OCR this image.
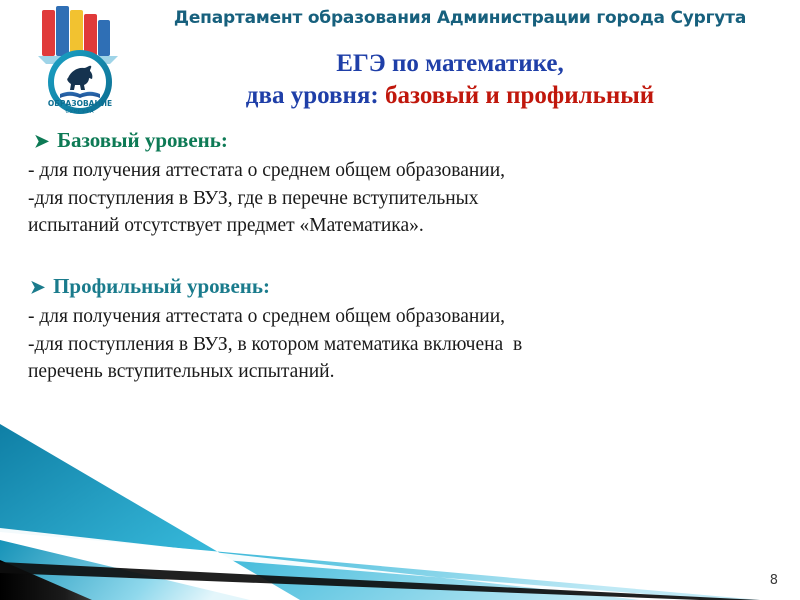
ОБРАЗОВАНИЕ
СУРГУТА
Департамент образования Администрации города Сургута
ЕГЭ по математике,
два уровня: базовый и профильный
➤ Базовый уровень:

- для получения аттестата о среднем общем образовании,

-для поступления в ВУЗ, где в перечне вступительных

испытаний отсутствует предмет «Математика».

➤ Профильный уровень:

- для получения аттестата о среднем общем образовании,

-для поступления в ВУЗ, в котором математика включена  в

перечень вступительных испытаний.

8
